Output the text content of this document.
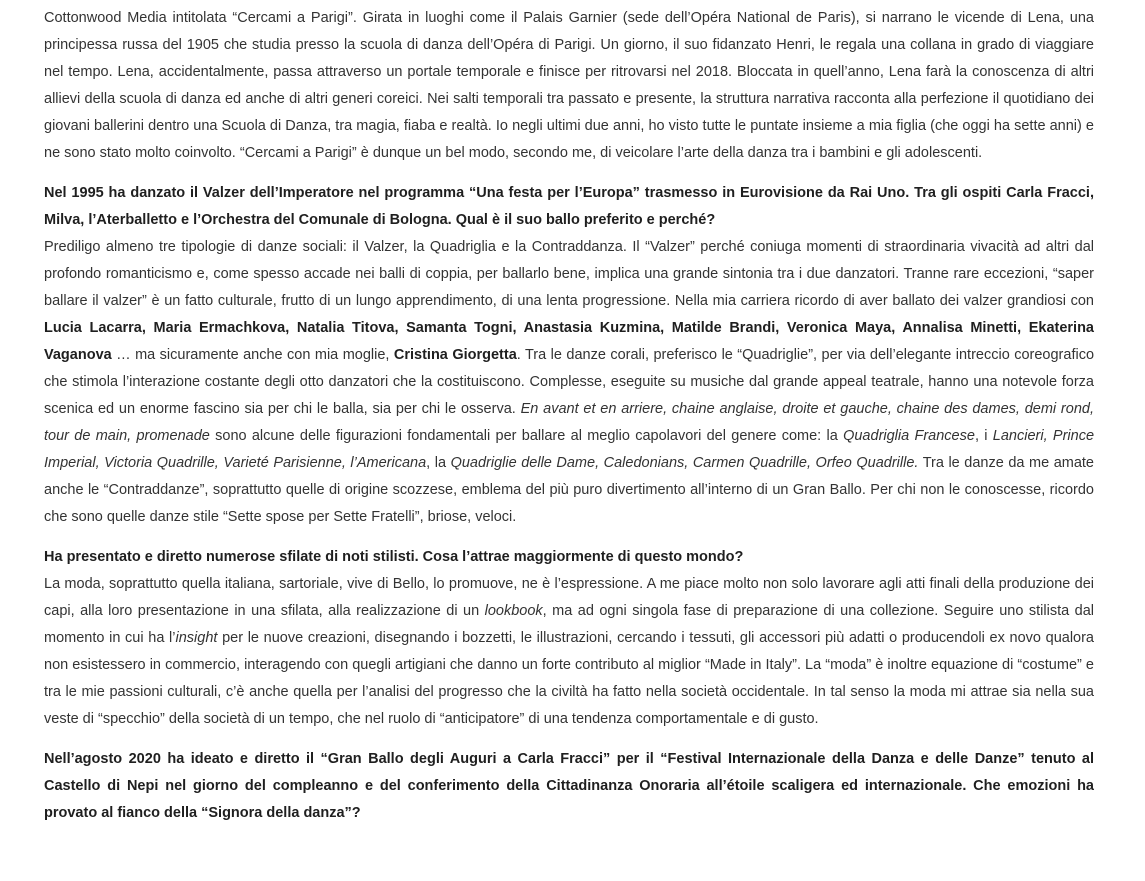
Cottonwood Media intitolata “Cercami a Parigi”. Girata in luoghi come il Palais Garnier (sede dell’Opéra National de Paris), si narrano le vicende di Lena, una principessa russa del 1905 che studia presso la scuola di danza dell’Opéra di Parigi. Un giorno, il suo fidanzato Henri, le regala una collana in grado di viaggiare nel tempo. Lena, accidentalmente, passa attraverso un portale temporale e finisce per ritrovarsi nel 2018. Bloccata in quell’anno, Lena farà la conoscenza di altri allievi della scuola di danza ed anche di altri generi coreici. Nei salti temporali tra passato e presente, la struttura narrativa racconta alla perfezione il quotidiano dei giovani ballerini dentro una Scuola di Danza, tra magia, fiaba e realtà. Io negli ultimi due anni, ho visto tutte le puntate insieme a mia figlia (che oggi ha sette anni) e ne sono stato molto coinvolto. “Cercami a Parigi” è dunque un bel modo, secondo me, di veicolare l’arte della danza tra i bambini e gli adolescenti.

Nel 1995 ha danzato il Valzer dell’Imperatore nel programma “Una festa per l’Europa” trasmesso in Eurovisione da Rai Uno. Tra gli ospiti Carla Fracci, Milva, l’Aterballetto e l’Orchestra del Comunale di Bologna. Qual è il suo ballo preferito e perché?

Prediligo almeno tre tipologie di danze sociali: il Valzer, la Quadriglia e la Contraddanza. Il “Valzer” perché coniuga momenti di straordinaria vivacità ad altri dal profondo romanticismo e, come spesso accade nei balli di coppia, per ballarlo bene, implica una grande sintonia tra i due danzatori. Tranne rare eccezioni, “saper ballare il valzer” è un fatto culturale, frutto di un lungo apprendimento, di una lenta progressione. Nella mia carriera ricordo di aver ballato dei valzer grandiosi con Lucia Lacarra, Maria Ermachkova, Natalia Titova, Samanta Togni, Anastasia Kuzmina, Matilde Brandi, Veronica Maya, Annalisa Minetti, Ekaterina Vaganova … ma sicuramente anche con mia moglie, Cristina Giorgetta. Tra le danze corali, preferisco le “Quadriglie”, per via dell’elegante intreccio coreografico che stimola l’interazione costante degli otto danzatori che la costituiscono. Complesse, eseguite su musiche dal grande appeal teatrale, hanno una notevole forza scenica ed un enorme fascino sia per chi le balla, sia per chi le osserva. En avant et en arriere, chaine anglaise, droite et gauche, chaine des dames, demi rond, tour de main, promenade sono alcune delle figurazioni fondamentali per ballare al meglio capolavori del genere come: la Quadriglia Francese, i Lancieri, Prince Imperial, Victoria Quadrille, Varieté Parisienne, l’Americana, la Quadriglie delle Dame, Caledonians, Carmen Quadrille, Orfeo Quadrille. Tra le danze da me amate anche le “Contraddanze”, soprattutto quelle di origine scozzese, emblema del più puro divertimento all’interno di un Gran Ballo. Per chi non le conoscesse, ricordo che sono quelle danze stile “Sette spose per Sette Fratelli”, briose, veloci.

Ha presentato e diretto numerose sfilate di noti stilisti. Cosa l’attrae maggiormente di questo mondo?

La moda, soprattutto quella italiana, sartoriale, vive di Bello, lo promuove, ne è l’espressione. A me piace molto non solo lavorare agli atti finali della produzione dei capi, alla loro presentazione in una sfilata, alla realizzazione di un lookbook, ma ad ogni singola fase di preparazione di una collezione. Seguire uno stilista dal momento in cui ha l’insight per le nuove creazioni, disegnando i bozzetti, le illustrazioni, cercando i tessuti, gli accessori più adatti o producendoli ex novo qualora non esistessero in commercio, interagendo con quegli artigiani che danno un forte contributo al miglior “Made in Italy”. La “moda” è inoltre equazione di “costume” e tra le mie passioni culturali, c’è anche quella per l’analisi del progresso che la civiltà ha fatto nella società occidentale. In tal senso la moda mi attrae sia nella sua veste di “specchio” della società di un tempo, che nel ruolo di “anticipatore” di una tendenza comportamentale e di gusto.

Nell’agosto 2020 ha ideato e diretto il “Gran Ballo degli Auguri a Carla Fracci” per il “Festival Internazionale della Danza e delle Danze” tenuto al Castello di Nepi nel giorno del compleanno e del conferimento della Cittadinanza Onoraria all’étoile scaligera ed internazionale. Che emozioni ha provato al fianco della “Signora della danza”?
